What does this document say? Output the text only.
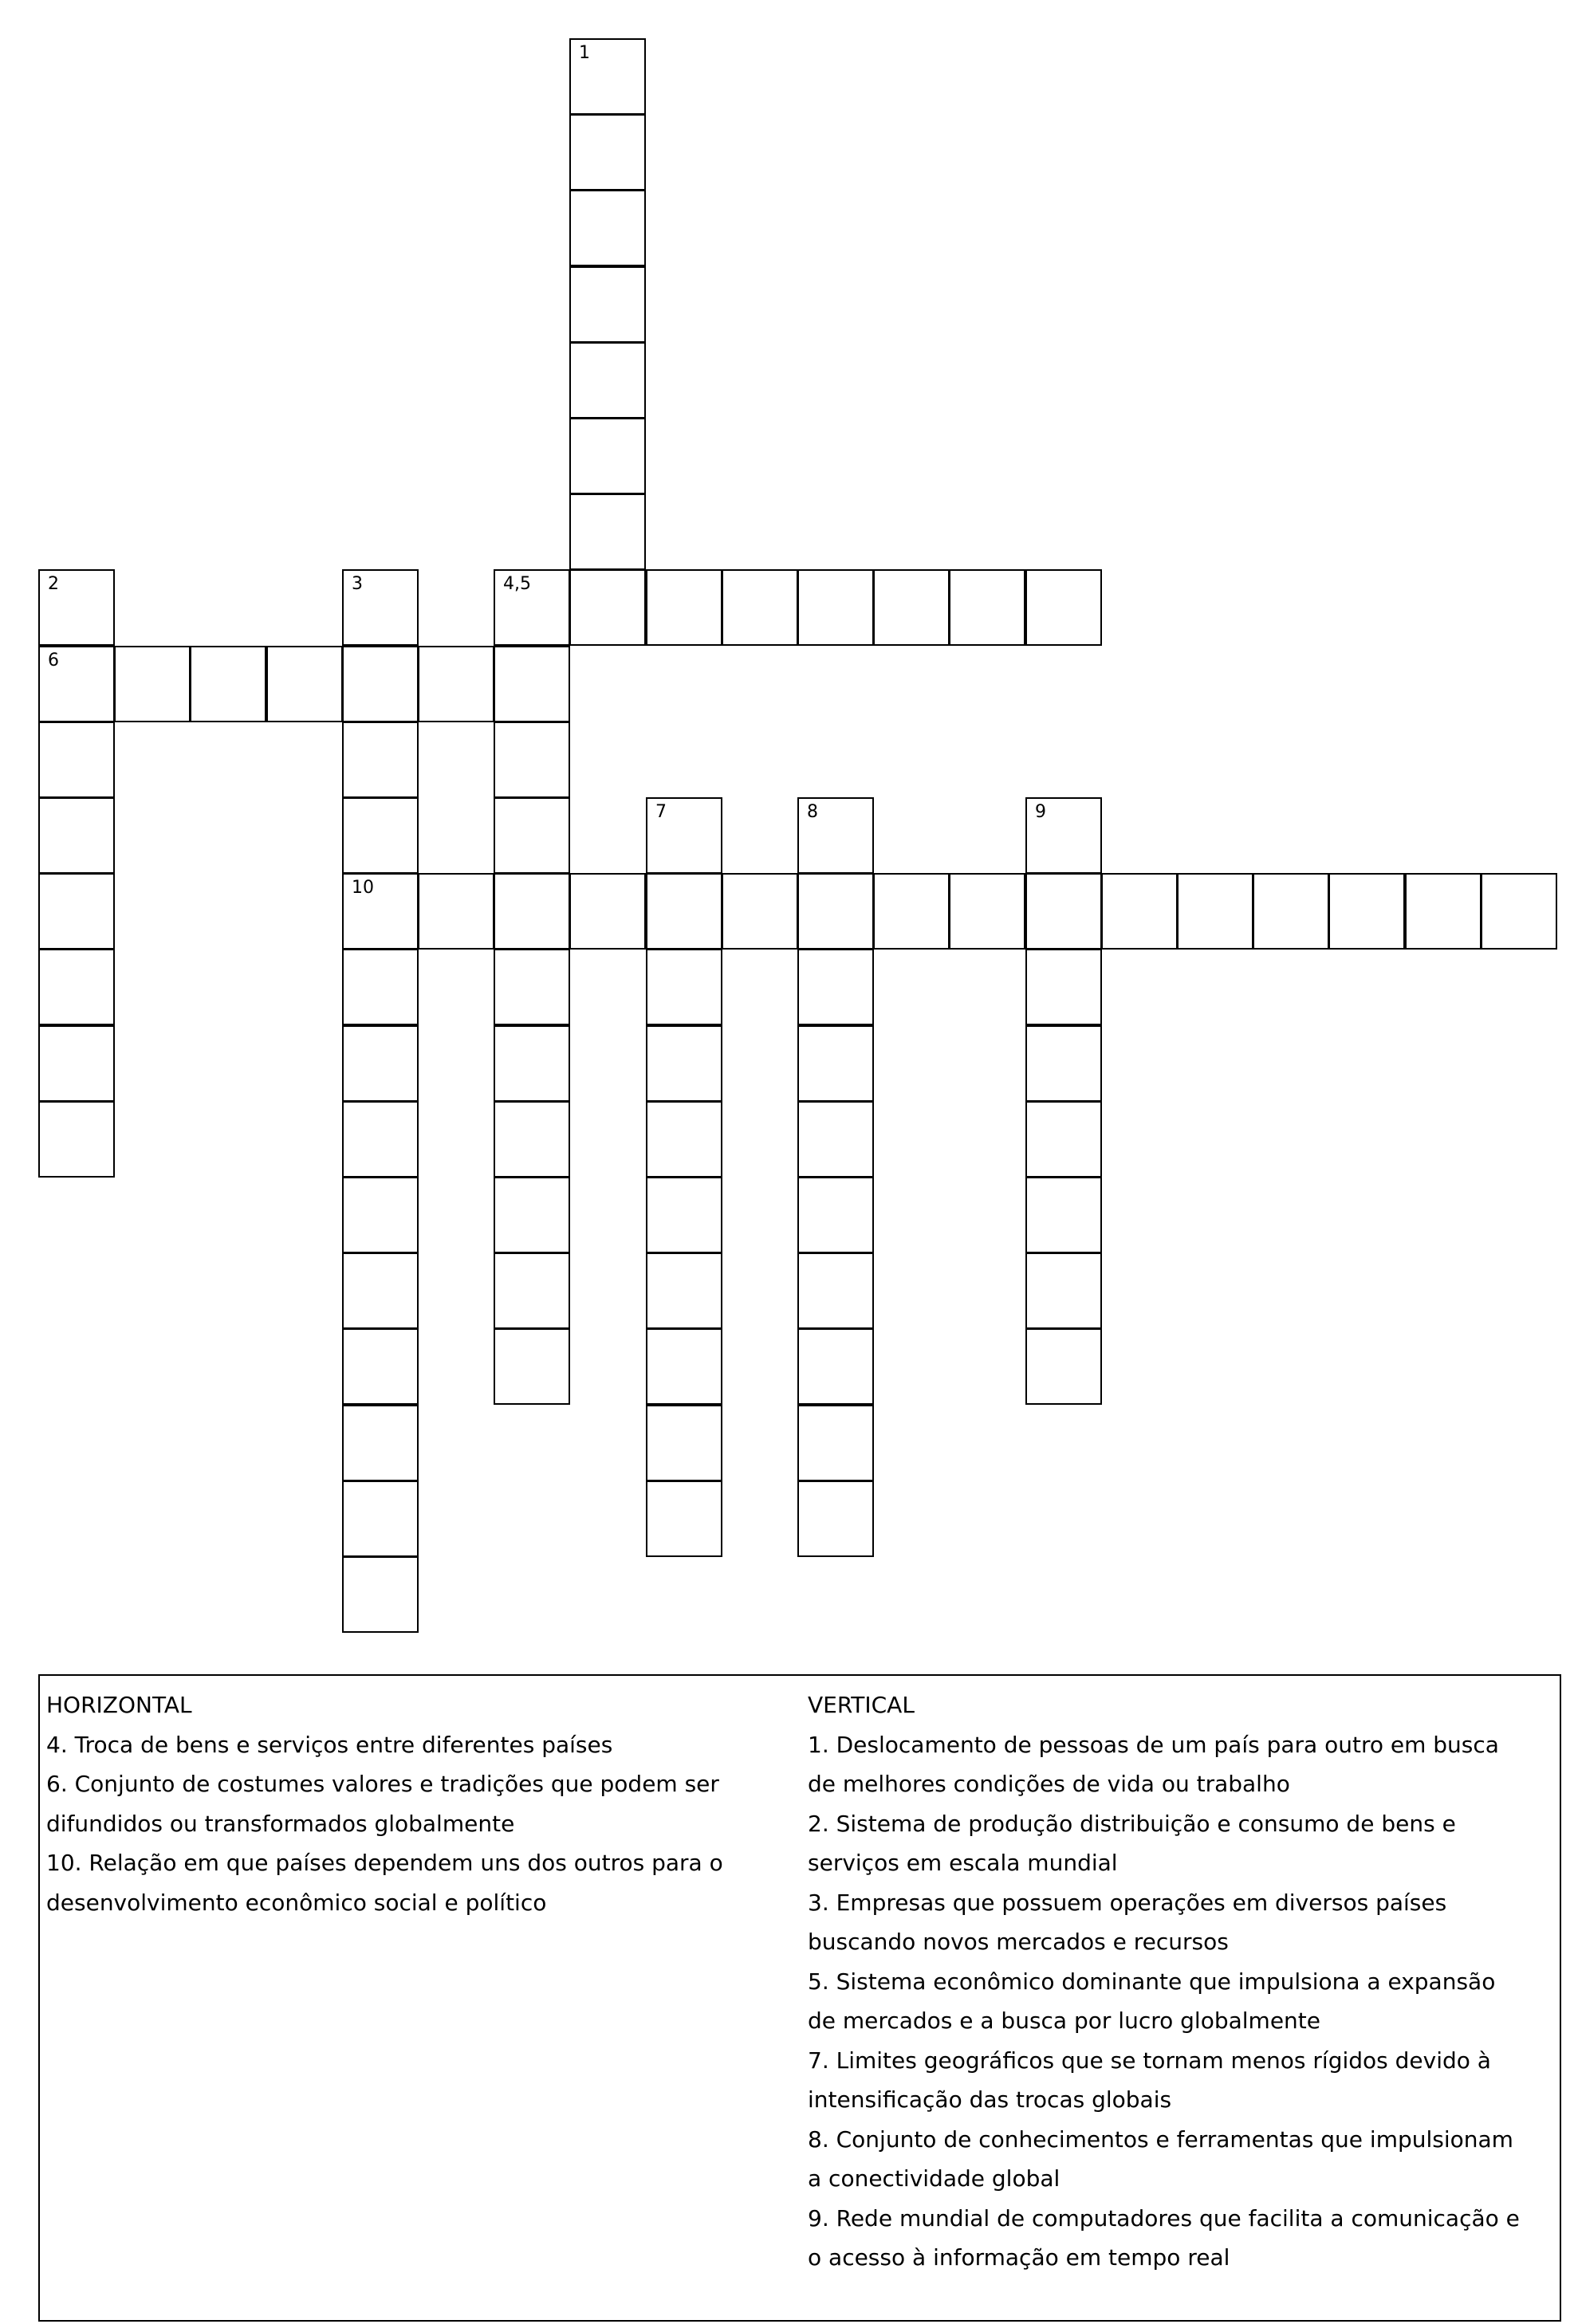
1
2	3	4,5
6
7	8	9
10
HORIZONTAL
4. Troca de bens e serviços entre diferentes países
6. Conjunto de costumes valores e tradições que podem ser difundidos ou transformados globalmente
10. Relação em que países dependem uns dos outros para o desenvolvimento econômico social e político
VERTICAL
1. Deslocamento de pessoas de um país para outro em busca de melhores condições de vida ou trabalho
2. Sistema de produção distribuição e consumo de bens e serviços em escala mundial
3. Empresas que possuem operações em diversos países buscando novos mercados e recursos
5. Sistema econômico dominante que impulsiona a expansão de mercados e a busca por lucro globalmente
7. Limites geográficos que se tornam menos rígidos devido à intensificação das trocas globais
8. Conjunto de conhecimentos e ferramentas que impulsionam a conectividade global
9. Rede mundial de computadores que facilita a comunicação e o acesso à informação em tempo real
